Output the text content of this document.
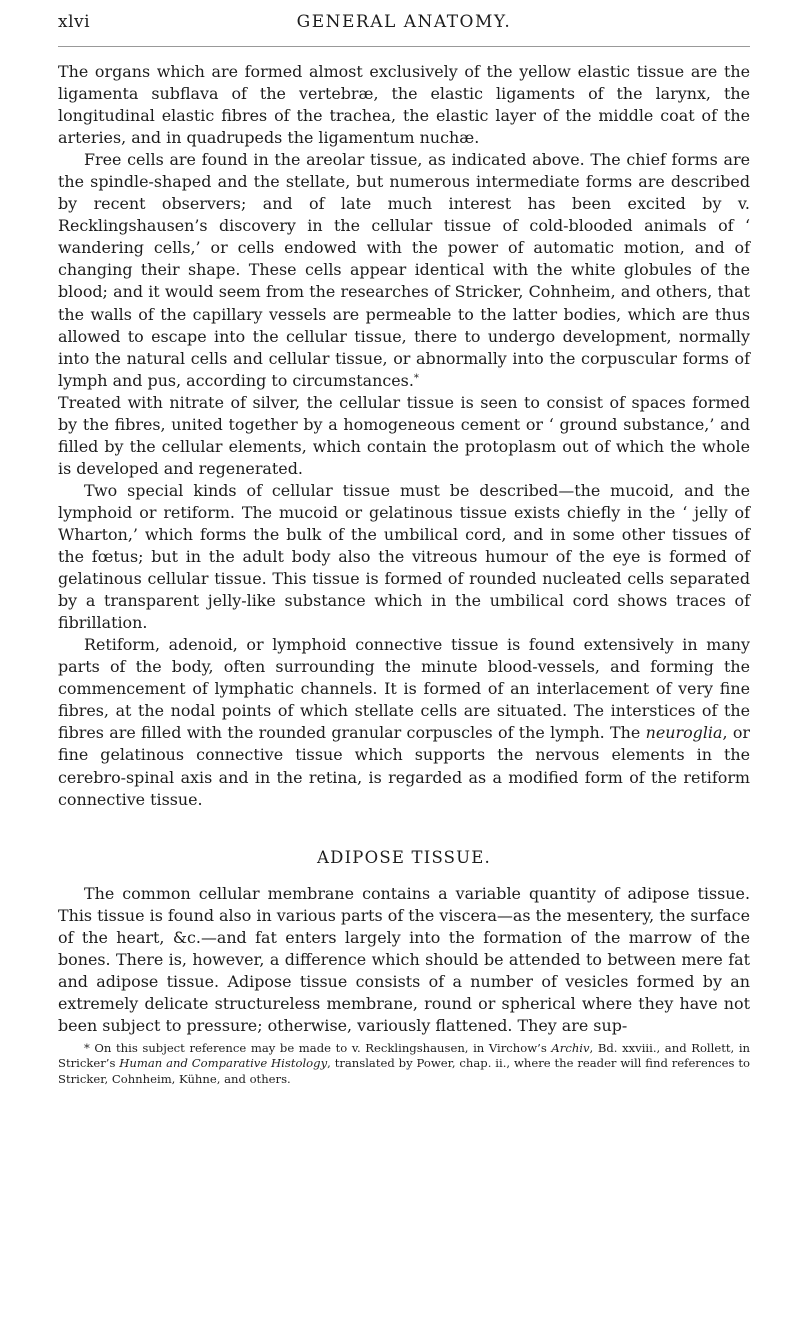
xlvi	GENERAL ANATOMY.

The organs which are formed almost exclusively of the yellow elastic tissue are the ligamenta subflava of the vertebræ, the elastic ligaments of the larynx, the longitudinal elastic fibres of the trachea, the elastic layer of the middle coat of the arteries, and in quadrupeds the ligamentum nuchæ.

Free cells are found in the areolar tissue, as indicated above. The chief forms are the spindle-shaped and the stellate, but numerous intermediate forms are described by recent observers; and of late much interest has been excited by v. Recklingshausen’s discovery in the cellular tissue of cold-blooded animals of ‘ wandering cells,’ or cells endowed with the power of automatic motion, and of changing their shape. These cells appear identical with the white globules of the blood; and it would seem from the researches of Stricker, Cohnheim, and others, that the walls of the capillary vessels are permeable to the latter bodies, which are thus allowed to escape into the cellular tissue, there to undergo development, normally into the natural cells and cellular tissue, or abnormally into the corpuscular forms of lymph and pus, according to circumstances.*

Treated with nitrate of silver, the cellular tissue is seen to consist of spaces formed by the fibres, united together by a homogeneous cement or ‘ ground substance,’ and filled by the cellular elements, which contain the protoplasm out of which the whole is developed and regenerated.

Two special kinds of cellular tissue must be described—the mucoid, and the lymphoid or retiform. The mucoid or gelatinous tissue exists chiefly in the ‘ jelly of Wharton,’ which forms the bulk of the umbilical cord, and in some other tissues of the fœtus; but in the adult body also the vitreous humour of the eye is formed of gelatinous cellular tissue. This tissue is formed of rounded nucleated cells separated by a transparent jelly-like substance which in the umbilical cord shows traces of fibrillation.

Retiform, adenoid, or lymphoid connective tissue is found extensively in many parts of the body, often surrounding the minute blood-vessels, and forming the commencement of lymphatic channels. It is formed of an interlacement of very fine fibres, at the nodal points of which stellate cells are situated. The interstices of the fibres are filled with the rounded granular corpuscles of the lymph. The neuroglia, or fine gelatinous connective tissue which supports the nervous elements in the cerebro-spinal axis and in the retina, is regarded as a modified form of the retiform connective tissue.

ADIPOSE TISSUE.

The common cellular membrane contains a variable quantity of adipose tissue. This tissue is found also in various parts of the viscera—as the mesentery, the surface of the heart, &c.—and fat enters largely into the formation of the marrow of the bones. There is, however, a difference which should be attended to between mere fat and adipose tissue. Adipose tissue consists of a number of vesicles formed by an extremely delicate structureless membrane, round or spherical where they have not been subject to pressure; otherwise, variously flattened. They are sup-

* On this subject reference may be made to v. Recklingshausen, in Virchow’s Archiv, Bd. xxviii., and Rollett, in Stricker’s Human and Comparative Histology, translated by Power, chap. ii., where the reader will find references to Stricker, Cohnheim, Kühne, and others.
